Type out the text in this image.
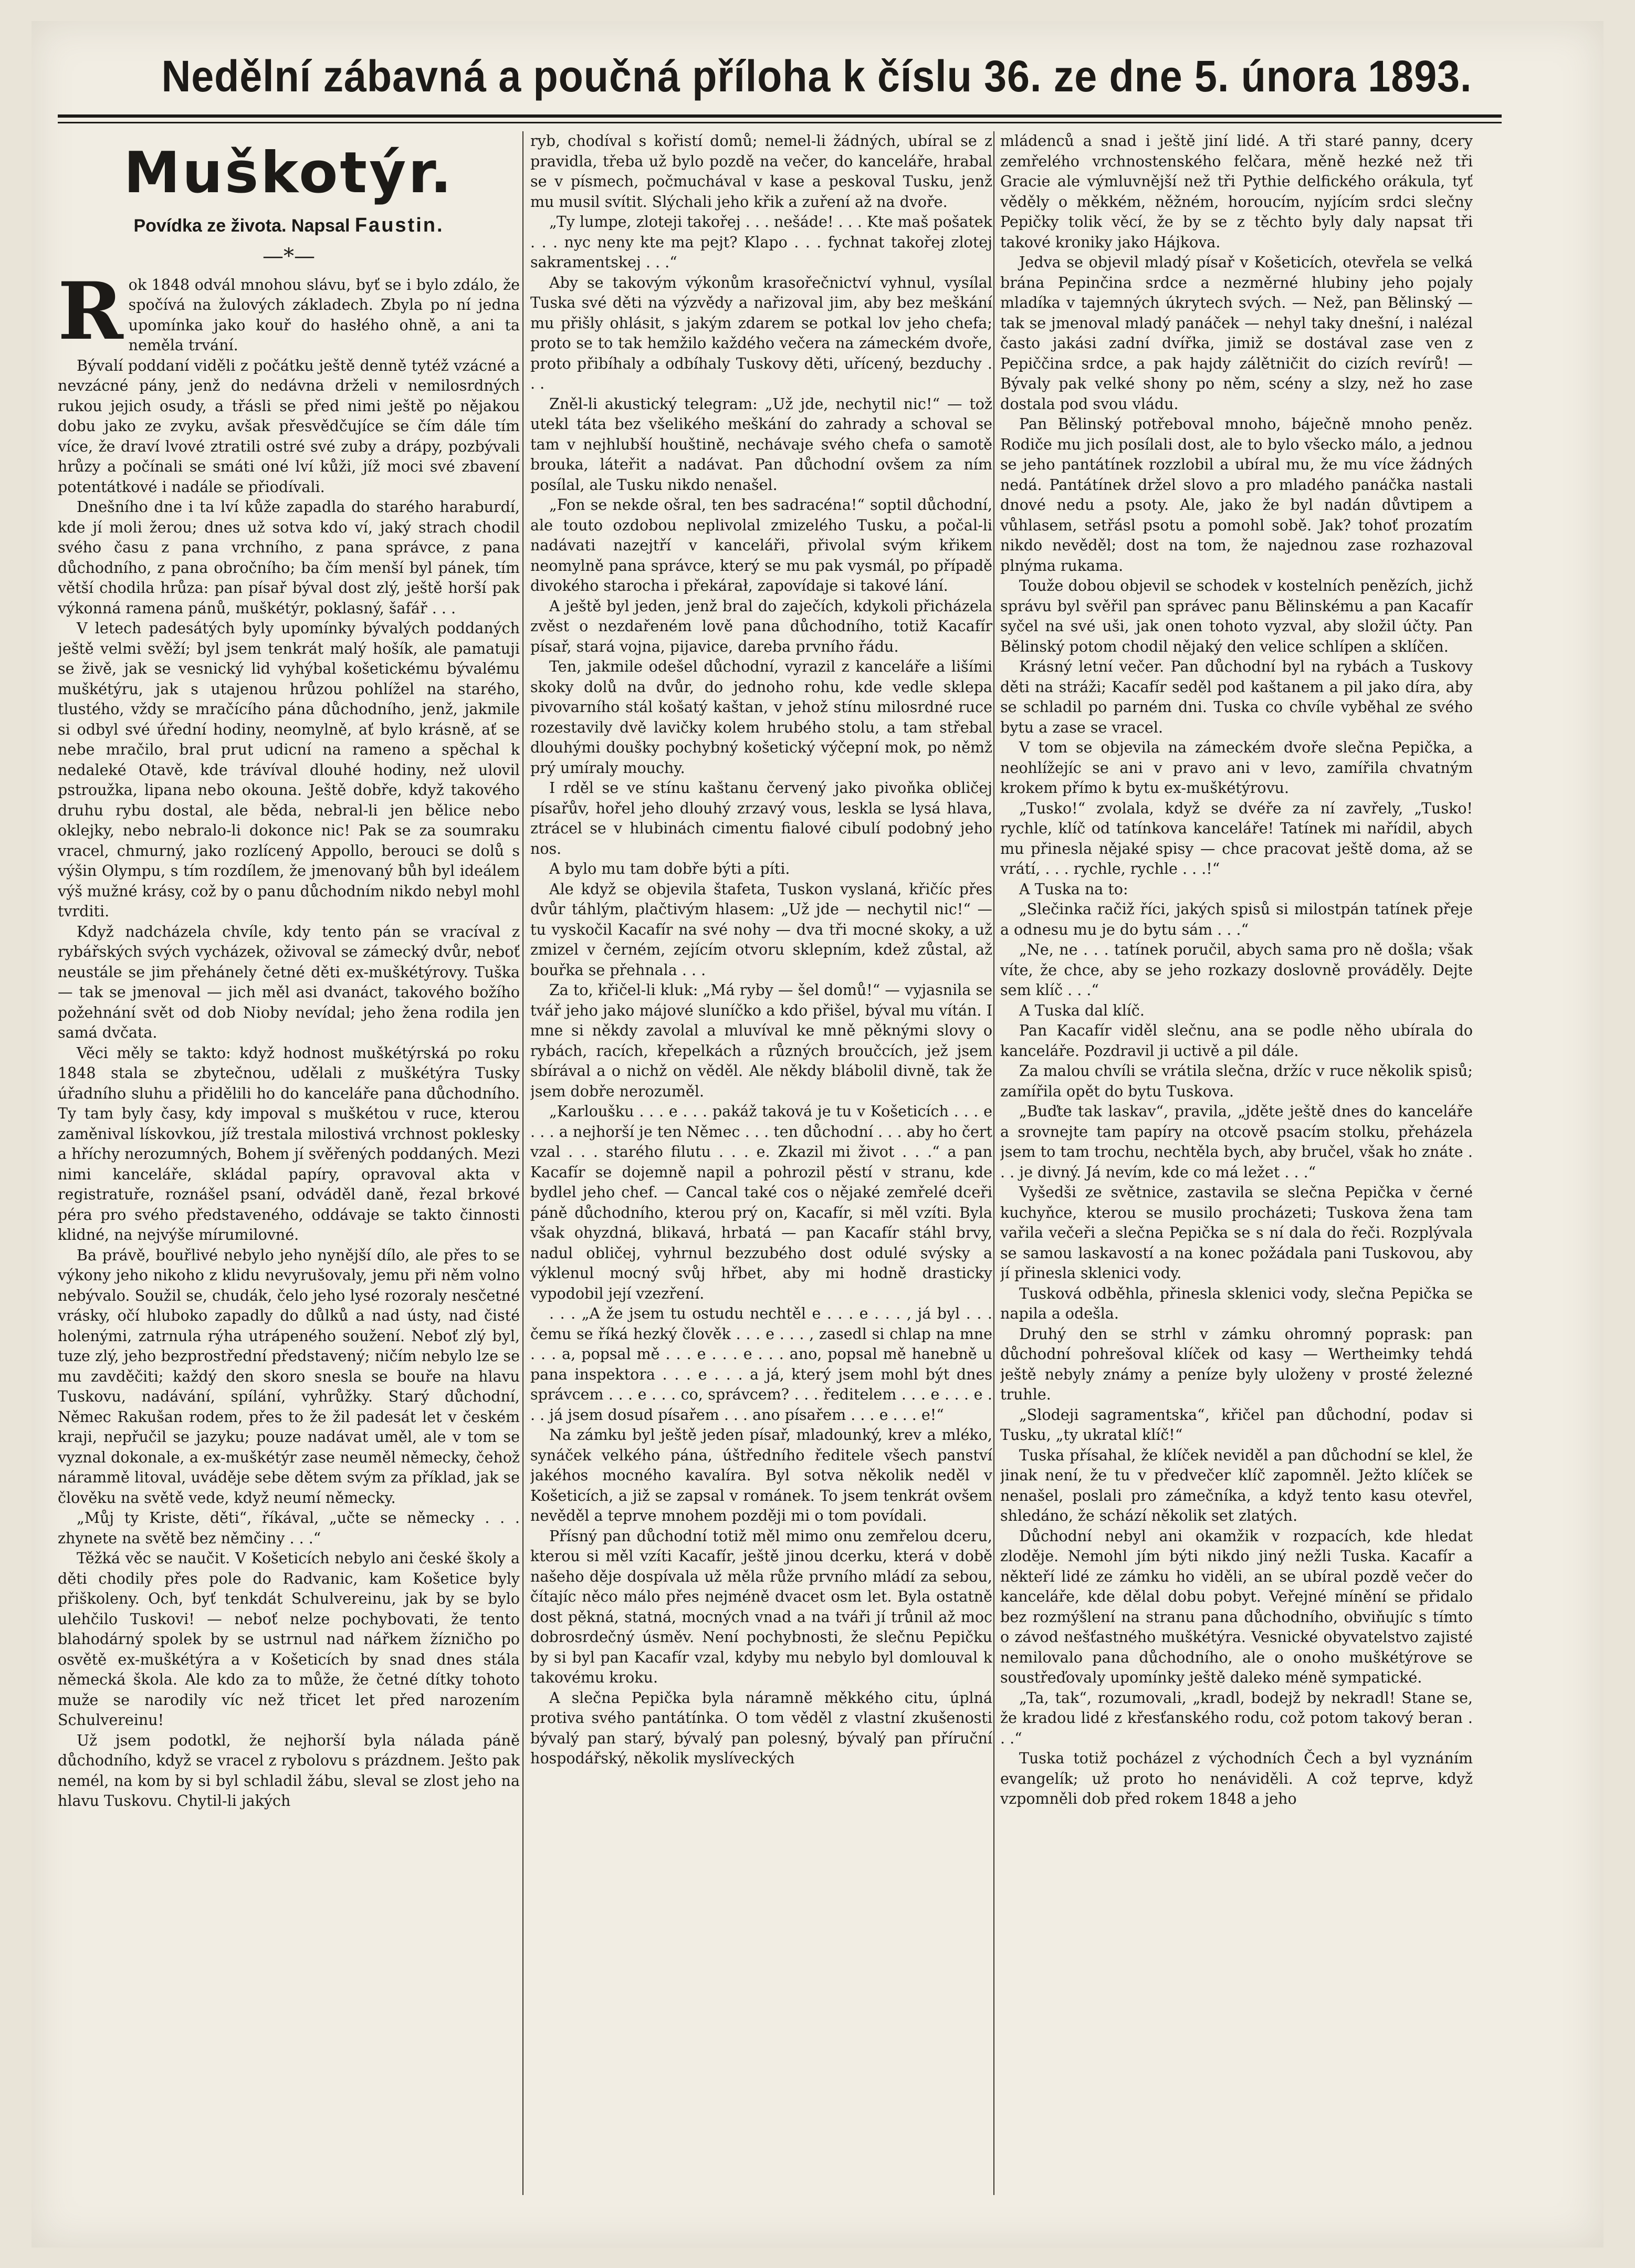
Nedělní zábavná a poučná příloha k číslu 36. ze dne 5. února 1893.
Muškotýr.
Povídka ze života. Napsal Faustin.
—*—

Rok 1848 odvál mnohou slávu, byť se i bylo zdálo, že spočívá na žulových základech. Zbyla po ní jedna upomínka jako kouř do hasłého ohně, a ani ta neměla trvání.

Bývalí poddaní viděli z počátku ještě denně tytéž vzácné a nevzácné pány, jenž do nedávna drželi v nemilosrdných rukou jejich osudy, a třásli se před nimi ještě po nějakou dobu jako ze zvyku, avšak přesvědčujíce se čím dále tím více, že draví lvové ztratili ostré své zuby a drápy, pozbývali hrůzy a počínali se smáti oné lví kůži, jíž moci své zbavení potentátkové i nadále se přiodívali.

Dnešního dne i ta lví kůže zapadla do starého haraburdí, kde jí moli žerou; dnes už sotva kdo ví, jaký strach chodil svého času z pana vrchního, z pana správce, z pana důchodního, z pana obročního; ba čím menší byl pánek, tím větší chodila hrůza: pan písař býval dost zlý, ještě horší pak výkonná ramena pánů, muškétýr, poklasný, šafář . . .

V letech padesátých byly upomínky bývalých poddaných ještě velmi svěží; byl jsem tenkrát malý hošík, ale pamatuji se živě, jak se vesnický lid vyhýbal košetickému bývalému muškétýru, jak s utajenou hrůzou pohlížel na starého, tlustého, vždy se mračícího pána důchodního, jenž, jakmile si odbyl své úřední hodiny, neomylně, ať bylo krásně, ať se nebe mračilo, bral prut udicní na rameno a spěchal k nedaleké Otavě, kde trávíval dlouhé hodiny, než ulovil pstroužka, lipana nebo okouna. Ještě dobře, když takového druhu rybu dostal, ale běda, nebral-li jen bělice nebo oklejky, nebo nebralo-li dokonce nic! Pak se za soumraku vracel, chmurný, jako rozlícený Appollo, berouci se dolů s výšin Olympu, s tím rozdílem, že jmenovaný bůh byl ideálem výš mužné krásy, což by o panu důchodním nikdo nebyl mohl tvrditi.

Když nadcházela chvíle, kdy tento pán se vracíval z rybářských svých vycházek, oživoval se zámecký dvůr, neboť neustále se jim přehánely četné děti ex-muškétýrovy. Tuška — tak se jmenoval — jich měl asi dvanáct, takového božího požehnání svět od dob Nioby nevídal; jeho žena rodila jen samá dvčata.

Věci měly se takto: když hodnost muškétýrská po roku 1848 stala se zbytečnou, udělali z muškétýra Tusky úřadního sluhu a přidělili ho do kanceláře pana důchodního. Ty tam byly časy, kdy impoval s muškétou v ruce, kterou zaměnival lískovkou, jíž trestala milostivá vrchnost poklesky a hříchy nerozumných, Bohem jí svěřených poddaných. Mezi nimi kanceláře, skládal papíry, opravoval akta v registratuře, roznášel psaní, odváděl daně, řezal brkové péra pro svého představeného, oddávaje se takto činnosti klidné, na nejvýše mírumilovné.

Ba právě, bouřlivé nebylo jeho nynější dílo, ale přes to se výkony jeho nikoho z klidu nevyrušovaly, jemu při něm volno nebývalo. Soužil se, chudák, čelo jeho lysé rozoraly nesčetné vrásky, očí hluboko zapadly do důlků a nad ústy, nad čisté holenými, zatrnula rýha utrápeného soužení. Neboť zlý byl, tuze zlý, jeho bezprostřední představený; ničím nebylo lze se mu zavděčiti; každý den skoro snesla se bouře na hlavu Tuskovu, nadávání, spílání, vyhrůžky. Starý důchodní, Němec Rakušan rodem, přes to že žil padesát let v českém kraji, nepřučil se jazyku; pouze nadávat uměl, ale v tom se vyznal dokonale, a ex-muškétýr zase neuměl německy, čehož nárammě litoval, uváděje sebe dětem svým za příklad, jak se člověku na světě vede, když neumí německy.

„Můj ty Kriste, děti“, říkával, „učte se německy . . . zhynete na světě bez němčiny . . .“

Těžká věc se naučit. V Košeticích nebylo ani české školy a děti chodily přes pole do Radvanic, kam Košetice byly přiškoleny. Och, byť tenkdát Schulvereinu, jak by se bylo ulehčilo Tuskovi! — neboť nelze pochybovati, že tento blahodárný spolek by se ustrnul nad nářkem žízničho po osvětě ex-muškétýra a v Košeticích by snad dnes stála německá škola. Ale kdo za to může, že četné dítky tohoto muže se narodily víc než třicet let před narozením Schulvereinu!

Už jsem podotkl, že nejhorší byla nálada páně důchodního, když se vracel z rybolovu s prázdnem. Ješto pak nemél, na kom by si byl schladil žábu, sleval se zlost jeho na hlavu Tuskovu. Chytil-li jakých

ryb, chodíval s kořistí domů; nemel-li žádných, ubíral se z pravidla, třeba už bylo pozdě na večer, do kanceláře, hrabal se v písmech, počmuchával v kase a peskoval Tusku, jenž mu musil svítit. Slýchali jeho křik a zuření až na dvoře.

„Ty lumpe, zloteji takořej . . . nešáde! . . . Kte maš pošatek . . . nyc neny kte ma pejt? Klapo . . . fychnat takořej zlotej sakramentskej . . .“

Aby se takovým výkonům krasořečnictví vyhnul, vysílal Tuska své děti na výzvědy a nařizoval jim, aby bez meškání mu přišly ohlásit, s jakým zdarem se potkal lov jeho chefa; proto se to tak hemžilo každého večera na zámeckém dvoře, proto přibíhaly a odbíhaly Tuskovy děti, uřícený, bezduchy . . .

Zněl-li akustický telegram: „Už jde, nechytil nic!“ — tož utekl táta bez všelikého meškání do zahrady a schoval se tam v nejhlubší houštině, nechávaje svého chefa o samotě brouka, láteřit a nadávat. Pan důchodní ovšem za ním posílal, ale Tusku nikdo nenašel.

„Fon se nekde ošral, ten bes sadracéna!“ soptil důchodní, ale touto ozdobou neplivolal zmizelého Tusku, a počal-li nadávati nazejtří v kanceláři, přivolal svým křikem neomylně pana správce, který se mu pak vysmál, po případě divokého starocha i překárał, zapovídaje si takové lání.

A ještě byl jeden, jenž bral do zaječích, kdykoli přicházela zvěst o nezdařeném lově pana důchodního, totiž Kacafír písař, stará vojna, pijavice, dareba prvního řádu.

Ten, jakmile odešel důchodní, vyrazil z kanceláře a lišími skoky dolů na dvůr, do jednoho rohu, kde vedle sklepa pivovarního stál košatý kaštan, v jehož stínu milosrdné ruce rozestavily dvě lavičky kolem hrubého stolu, a tam střebal dlouhými doušky pochybný košetický výčepní mok, po němž prý umíraly mouchy.

I rděl se ve stínu kaštanu červený jako pivoňka obličej písařův, hořel jeho dlouhý zrzavý vous, leskla se lysá hlava, ztrácel se v hlubinách cimentu fialové cibulí podobný jeho nos.

A bylo mu tam dobře býti a píti.

Ale když se objevila štafeta, Tuskon vyslaná, křičíc přes dvůr táhlým, plačtivým hlasem: „Už jde — nechytil nic!“ — tu vyskočil Kacafír na své nohy — dva tři mocné skoky, a už zmizel v černém, zejícím otvoru sklepním, kdež zůstal, až bouřka se přehnala . . .

Za to, křičel-li kluk: „Má ryby — šel domů!“ — vyjasnila se tvář jeho jako májové sluníčko a kdo přišel, býval mu vítán. I mne si někdy zavolal a mluvíval ke mně pěknými slovy o rybách, racích, křepelkách a různých broučcích, jež jsem sbírával a o nichž on věděl. Ale někdy blábolil divně, tak že jsem dobře nerozuměl.

„Karloušku . . . e . . . pakáž taková je tu v Košeticích . . . e . . . a nejhorší je ten Němec . . . ten důchodní . . . aby ho čert vzal . . . starého filutu . . . e. Zkazil mi život . . .“ a pan Kacafír se dojemně napil a pohrozil pěstí v stranu, kde bydlel jeho chef. — Cancal také cos o nějaké zemřelé dceři páně důchodního, kterou prý on, Kacafír, si měl vzíti. Byla však ohyzdná, blikavá, hrbatá — pan Kacafír stáhl brvy, nadul obličej, vyhrnul bezzubého dost odulé svýsky a výklenul mocný svůj hřbet, aby mi hodně drasticky vypodobil její vzezření.

. . . „A že jsem tu ostudu nechtěl e . . . e . . . , já byl . . . čemu se říká hezký člověk . . . e . . . , zasedl si chlap na mne . . . a, popsal mě . . . e . . . e . . . ano, popsal mě hanebně u pana inspektora . . . e . . . a já, který jsem mohl být dnes správcem . . . e . . . co, správcem? . . . ředitelem . . . e . . . e . . . já jsem dosud písařem . . . ano písařem . . . e . . . e!“

Na zámku byl ještě jeden písař, mladounký, krev a mléko, synáček velkého pána, úštředního ředitele všech panství jakéhos mocného kavalíra. Byl sotva několik neděl v Košeticích, a již se zapsal v románek. To jsem tenkrát ovšem nevěděl a teprve mnohem později mi o tom povídali.

Přísný pan důchodní totiž měl mimo onu zemřelou dceru, kterou si měl vzíti Kacafír, ještě jinou dcerku, která v době našeho děje dospívala už měla růže prvního mládí za sebou, čítajíc něco málo přes nejméně dvacet osm let. Byla ostatně dost pěkná, statná, mocných vnad a na tváři jí trůnil až moc dobrosrdečný úsměv. Není pochybnosti, že slečnu Pepičku by si byl pan Kacafír vzal, kdyby mu nebylo byl domlouval k takovému kroku.

A slečna Pepička byla náramně měkkého citu, úplná protiva svého pantátínka. O tom věděl z vlastní zkušenosti bývalý pan starý, bývalý pan polesný, bývalý pan příruční hospodářský, několik myslíveckých

mládenců a snad i ještě jiní lidé. A tři staré panny, dcery zemřelého vrchnostenského felčara, měně hezké než tři Gracie ale výmluvnější než tři Pythie delfického orákula, tyť věděly o měkkém, něžném, horoucím, nyjícím srdci slečny Pepičky tolik věcí, že by se z těchto byly daly napsat tři takové kroniky jako Hájkova.

Jedva se objevil mladý písař v Košeticích, otevřela se velká brána Pepinčina srdce a nezměrné hlubiny jeho pojaly mladíka v tajemných úkrytech svých. — Než, pan Bělinský — tak se jmenoval mladý panáček — nehyl taky dnešní, i nalézal často jakási zadní dvířka, jimiž se dostával zase ven z Pepiččina srdce, a pak hajdy zálětničit do cizích revírů! — Bývaly pak velké shony po něm, scény a slzy, než ho zase dostala pod svou vládu.

Pan Bělinský potřeboval mnoho, báječně mnoho peněz. Rodiče mu jich posílali dost, ale to bylo všecko málo, a jednou se jeho pantátínek rozzlobil a ubíral mu, že mu více žádných nedá. Pantátínek držel slovo a pro mladého panáčka nastali dnové nedu a psoty. Ale, jako že byl nadán důvtipem a vůhlasem, setřásl psotu a pomohl sobě. Jak? tohoť prozatím nikdo nevěděl; dost na tom, že najednou zase rozhazoval plnýma rukama.

Touže dobou objevil se schodek v kostelních penězích, jichž správu byl svěřil pan správec panu Bělinskému a pan Kacafír syčel na své uši, jak onen tohoto vyzval, aby složil účty. Pan Bělinský potom chodil nějaký den velice schlípen a sklíčen.

Krásný letní večer. Pan důchodní byl na rybách a Tuskovy děti na stráži; Kacafír seděl pod kaštanem a pil jako díra, aby se schladil po parném dni. Tuska co chvíle vyběhal ze svého bytu a zase se vracel.

V tom se objevila na zámeckém dvoře slečna Pepička, a neohlížejíc se ani v pravo ani v levo, zamířila chvatným krokem přímo k bytu ex-muškétýrovu.

„Tusko!“ zvolala, když se dvéře za ní zavřely, „Tusko! rychle, klíč od tatínkova kanceláře! Tatínek mi nařídil, abych mu přinesla nějaké spisy — chce pracovat ještě doma, až se vrátí, . . . rychle, rychle . . .!“

A Tuska na to:

„Slečinka račiž říci, jakých spisů si milostpán tatínek přeje a odnesu mu je do bytu sám . . .“

„Ne, ne . . . tatínek poručil, abych sama pro ně došla; však víte, že chce, aby se jeho rozkazy doslovně prováděly. Dejte sem klíč . . .“

A Tuska dal klíč.

Pan Kacafír viděl slečnu, ana se podle něho ubírala do kanceláře. Pozdravil ji uctivě a pil dále.

Za malou chvíli se vrátila slečna, držíc v ruce několik spisů; zamířila opět do bytu Tuskova.

„Buďte tak laskav“, pravila, „jděte ještě dnes do kanceláře a srovnejte tam papíry na otcově psacím stolku, přeházela jsem to tam trochu, nechtěla bych, aby bručel, však ho znáte . . . je divný. Já nevím, kde co má ležet . . .“

Vyšedši ze světnice, zastavila se slečna Pepička v černé kuchyňce, kterou se musilo procházeti; Tuskova žena tam vařila večeři a slečna Pepička se s ní dala do řeči. Rozplývala se samou laskavostí a na konec požádala pani Tuskovou, aby jí přinesla sklenici vody.

Tusková odběhla, přinesla sklenici vody, slečna Pepička se napila a odešla.

Druhý den se strhl v zámku ohromný poprask: pan důchodní pohrešoval klíček od kasy — Wertheimky tehdá ještě nebyly známy a peníze byly uloženy v prosté železné truhle.

„Slodeji sagramentska“, křičel pan důchodní, podav si Tusku, „ty ukratal klíč!“

Tuska přísahal, že klíček neviděl a pan důchodní se klel, že jinak není, že tu v předvečer klíč zapomněl. Ježto klíček se nenašel, poslali pro zámečníka, a když tento kasu otevřel, shledáno, že schází několik set zlatých.

Důchodní nebyl ani okamžik v rozpacích, kde hledat zloděje. Nemohl jím býti nikdo jiný nežli Tuska. Kacafír a někteří lidé ze zámku ho viděli, an se ubíral pozdě večer do kanceláře, kde dělal dobu pobyt. Veřejné mínění se přidalo bez rozmýšlení na stranu pana důchodního, obviňujíc s tímto o závod nešťastného muškétýra. Vesnické obyvatelstvo zajisté nemilovalo pana důchodního, ale o onoho muškétýrove se soustřeďovaly upomínky ještě daleko méně sympatické.

„Ta, tak“, rozumovali, „kradl, bodejž by nekradl! Stane se, že kradou lidé z křesťanského rodu, což potom takový beran . . .“

Tuska totiž pocházel z východních Čech a byl vyznáním evangelík; už proto ho nenáviděli. A což teprve, když vzpomněli dob před rokem 1848 a jeho
